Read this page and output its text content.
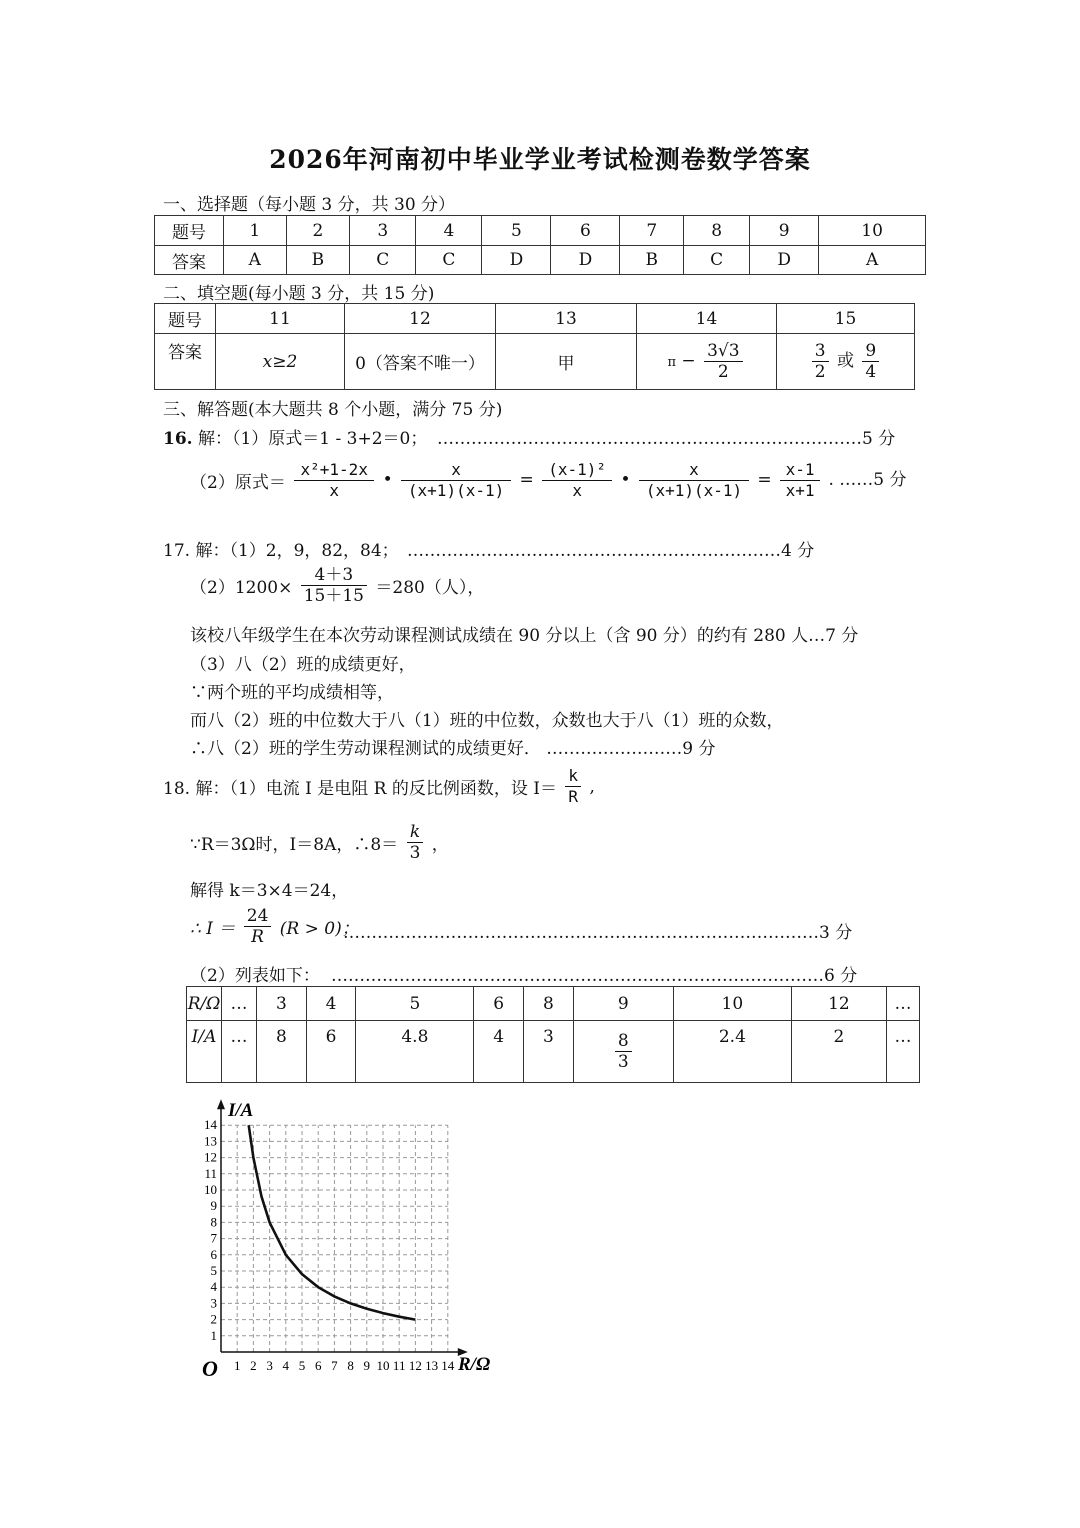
2026年河南初中毕业学业考试检测卷数学答案
一、选择题（每小题 3 分，共 30 分）
题号	1	2	3	4	5	6	7	8	9	10
答案	A	B	C	C	D	D	B	C	D	A
二、填空题(每小题 3 分，共 15 分)
题号	11	12	13	14	15
答案	x≥2	0（答案不唯一）	甲	$\pi - \frac{3√3}{2}$	$\frac{3}{2}$ 或 $\frac{9}{4}$
三、解答题(本大题共 8 个小题，满分 75 分)
16. 解：（1）原式＝1 - 3+2＝0； …………………………………………………………………5 分
（2）原式＝ $\frac{\text{x²+1-2x}}{x}$ • $\frac{x}{(x+1)(x-1)} = \frac{\text{(x-1)²}}{x}$ • $\frac{x}{(x+1)(x-1)} = \frac{x-1}{x+1}$ . ……5 分
17. 解：（1）2，9，82，84； …………………………………………………………4 分
$(2)1200\times \frac{4+3}{15+15} =280$（人），
该校八年级学生在本次劳动课程测试成绩在 90 分以上（含 90 分）的约有 280 人…7 分
（3）八（2）班的成绩更好，
∵两个班的平均成绩相等，
而八（2）班的中位数大于八（1）班的中位数，众数也大于八（1）班的众数，
∴八（2）班的学生劳动课程测试的成绩更好． ……………………9 分
18. 解：（1）电流 I 是电阻 R 的反比例函数，设 $I= \frac{k}{R}$ ,
∵R＝3Ω时，I＝8A，∴8＝ $\frac{k}{3}$ ，
解得 k＝3×4＝24，
∴ $I = \frac{24}{R} (R > 0)$；
…………………………………………………………………………3 分
（2）列表如下： ……………………………………………………………………………6 分
R/Ω	…	3	4	5	6	8	9	10	12	…
I/A	…	8	6	4.8	4	3	$\frac{8}{3}$	2.4	2	…
1 2 3 4 5 6 7 8 9 10 11 12 13 14
1
2
3
4
5
6
7
8
9
10
11
12
13
14
I/A
R/Ω
O
